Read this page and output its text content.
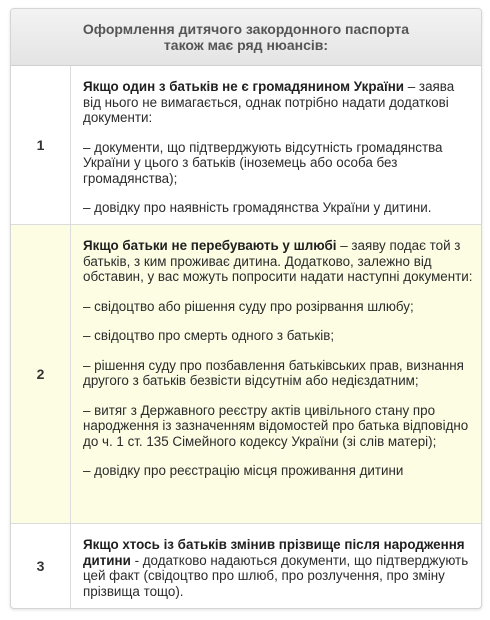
Оформлення дитячого закордонного паспорта
також має ряд нюансів:
1

Якщо один з батьків не є громадянином України – заява від нього не вимагається, однак потрібно надати додаткові документи:

– документи, що підтверджують відсутність громадянства України у цього з батьків (іноземець або особа без громадянства);

– довідку про наявність громадянства України у дитини.

2

Якщо батьки не перебувають у шлюбі – заяву подає той з батьків, з ким проживає дитина. Додатково, залежно від обставин, у вас можуть попросити надати наступні документи:

– свідоцтво або рішення суду про розірвання шлюбу;

– свідоцтво про смерть одного з батьків;

– рішення суду про позбавлення батьківських прав, визнання другого з батьків безвісти відсутнім або недієздатним;

– витяг з Державного реєстру актів цивільного стану про народження із зазначенням відомостей про батька відповідно до ч. 1 ст. 135 Сімейного кодексу України (зі слів матері);

– довідку про реєстрацію місця проживання дитини

3

Якщо хтось із батьків змінив прізвище після народження дитини - додатково надаються документи, що підтверджують цей факт (свідоцтво про шлюб, про розлучення, про зміну прізвища тощо).
